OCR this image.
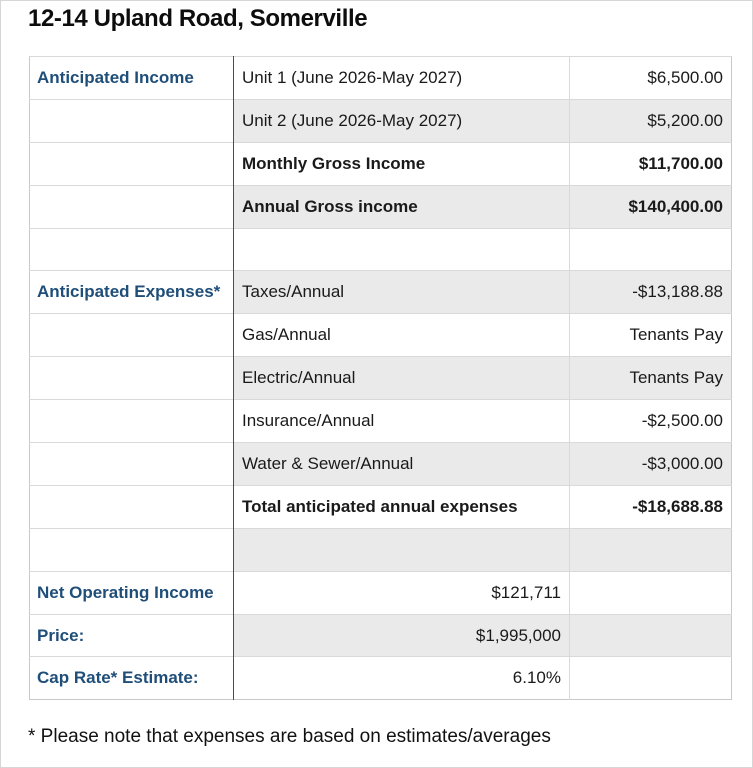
12-14 Upland Road, Somerville
Anticipated Income	Unit 1 (June 2026-May 2027)	$6,500.00
	Unit 2 (June 2026-May 2027)	$5,200.00
	Monthly Gross Income	$11,700.00
	Annual Gross income	$140,400.00

Anticipated Expenses*	Taxes/Annual	-$13,188.88
	Gas/Annual	Tenants Pay
	Electric/Annual	Tenants Pay
	Insurance/Annual	-$2,500.00
	Water & Sewer/Annual	-$3,000.00
	Total anticipated annual expenses	-$18,688.88

Net Operating Income	$121,711	
Price:	$1,995,000	
Cap Rate* Estimate:	6.10%	

* Please note that expenses are based on estimates/averages
